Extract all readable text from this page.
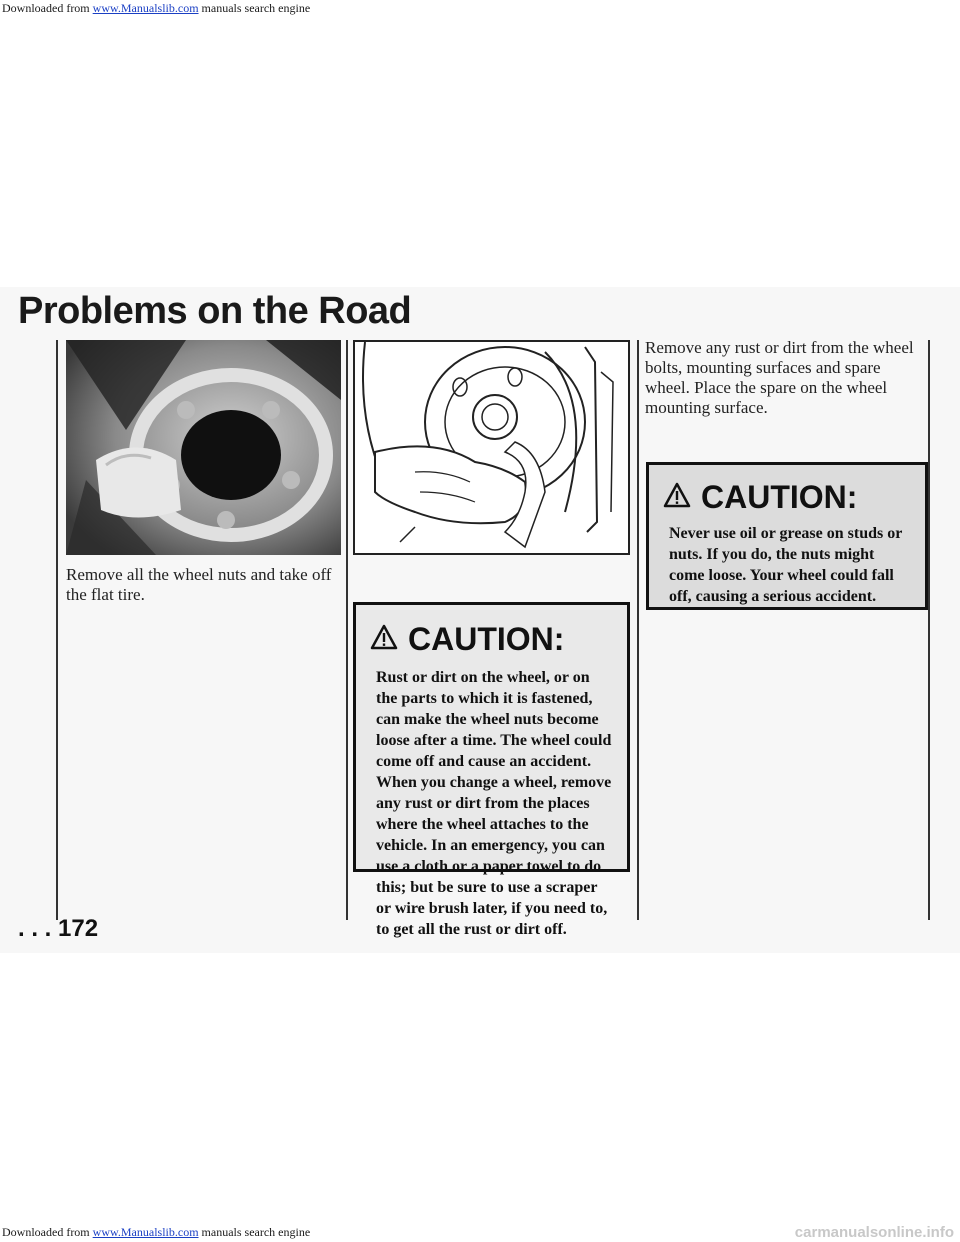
Downloaded from www.Manualslib.com manuals search engine
Problems on the Road
Remove all the wheel nuts and take off the flat tire.
Remove any rust or dirt from the wheel bolts, mounting surfaces and spare wheel. Place the spare on the wheel mounting surface.
CAUTION:
Rust or dirt on the wheel, or on the parts to which it is fastened, can make the wheel nuts become loose after a time. The wheel could come off and cause an accident. When you change a wheel, remove any rust or dirt from the places where the wheel attaches to the vehicle. In an emergency, you can use a cloth or a paper towel to do this; but be sure to use a scraper or wire brush later, if you need to, to get all the rust or dirt off.
CAUTION:
Never use oil or grease on studs or nuts. If you do, the nuts might come loose. Your wheel could fall off, causing a serious accident.
. . . 172
Downloaded from www.Manualslib.com manuals search engine	carmanualsonline.info
